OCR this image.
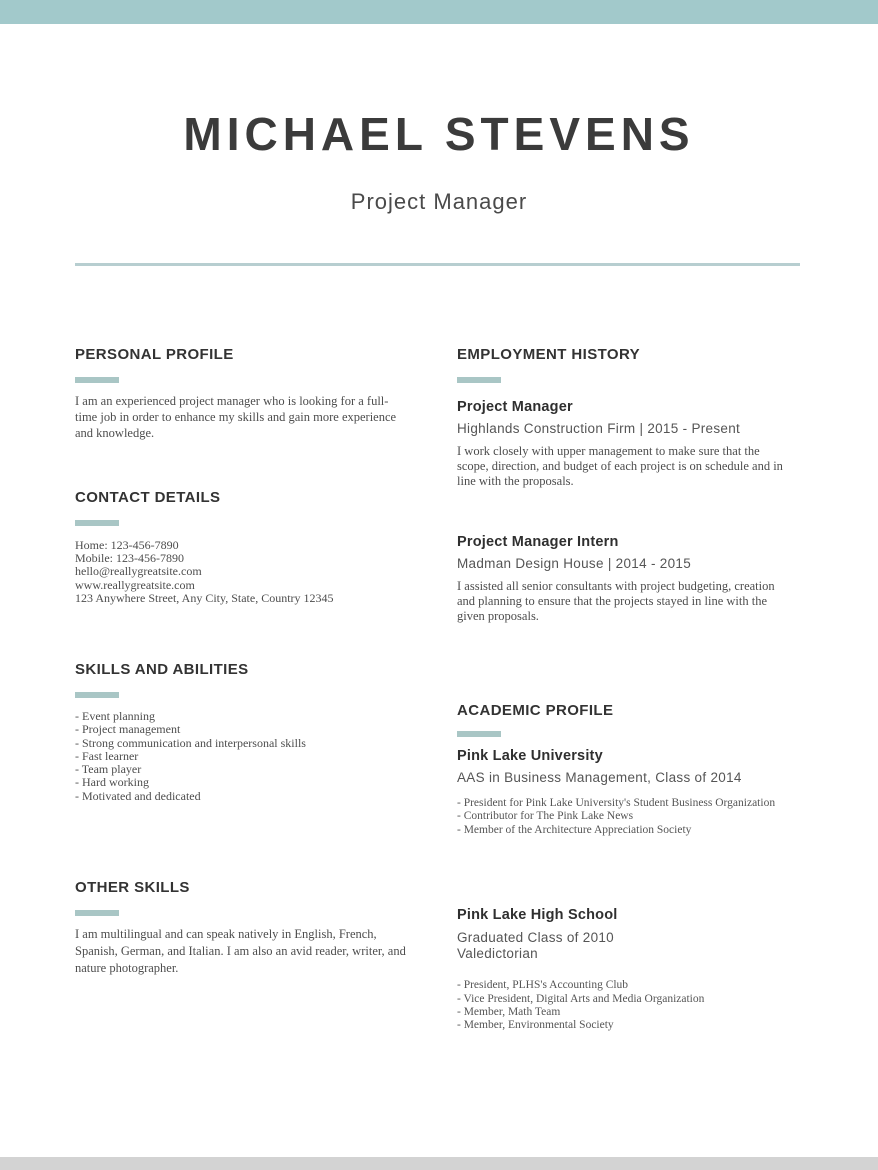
MICHAEL STEVENS
Project Manager
PERSONAL PROFILE
I am an experienced project manager who is looking for a full-time job in order to enhance my skills and gain more experience and knowledge.
CONTACT DETAILS
Home: 123-456-7890
Mobile: 123-456-7890
hello@reallygreatsite.com
www.reallygreatsite.com
123 Anywhere Street, Any City, State, Country 12345
SKILLS AND ABILITIES
- Event planning
- Project management
- Strong communication and interpersonal skills
- Fast learner
- Team player
- Hard working
- Motivated and dedicated
OTHER SKILLS
I am multilingual and can speak natively in English, French, Spanish, German, and Italian. I am also an avid reader, writer, and nature photographer.
EMPLOYMENT HISTORY
Project Manager
Highlands Construction Firm | 2015 - Present
I work closely with upper management to make sure that the scope, direction, and budget of each project is on schedule and in line with the proposals.
Project Manager Intern
Madman Design House | 2014 - 2015
I assisted all senior consultants with project budgeting, creation and planning to ensure that the projects stayed in line with the given proposals.
ACADEMIC PROFILE
Pink Lake University
AAS in Business Management, Class of 2014
- President for Pink Lake University's Student Business Organization
- Contributor for The Pink Lake News
- Member of the Architecture Appreciation Society
Pink Lake High School
Graduated Class of 2010
Valedictorian
- President, PLHS's Accounting Club
- Vice President, Digital Arts and Media Organization
- Member, Math Team
- Member, Environmental Society
